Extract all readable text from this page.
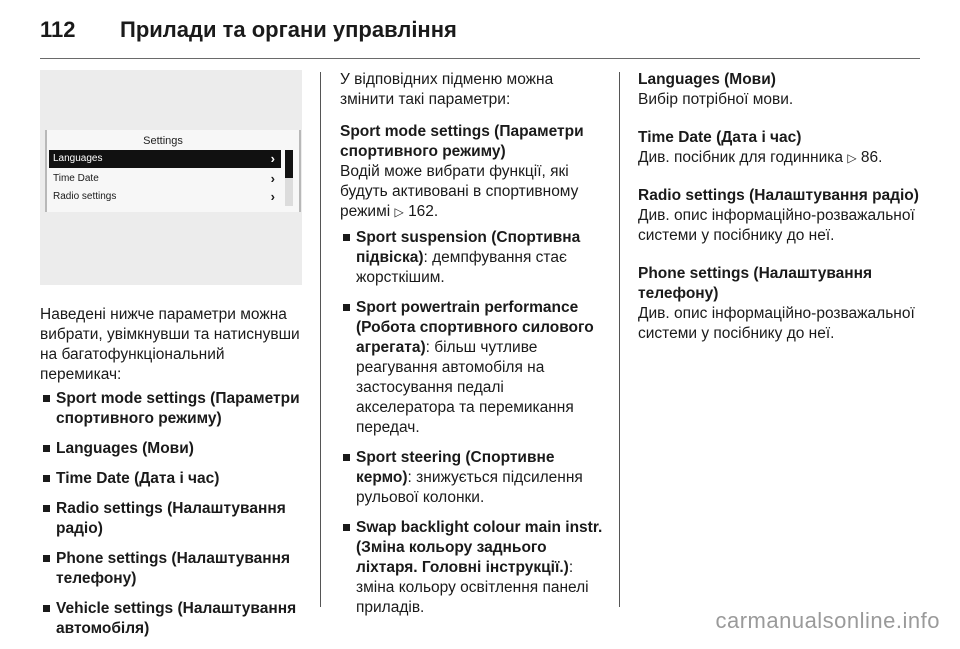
112	Прилади та органи управління
Settings
Languages	›
Time Date	›
Radio settings	›

Наведені нижче параметри можна вибрати, увімкнувши та натиснувши на багатофункціональний перемикач:

Sport mode settings (Параметри спортивного режиму)
Languages (Мови)
Time Date (Дата і час)
Radio settings (Налаштування радіо)
Phone settings (Налаштування телефону)
Vehicle settings (Налаштування автомобіля)

У відповідних підменю можна змінити такі параметри:

Sport mode settings (Параметри спортивного режиму)

Водій може вибрати функції, які будуть активовані в спортивному режимі ▷ 162.

Sport suspension (Спортивна підвіска): демпфування стає жорсткішим.
Sport powertrain performance (Робота спортивного силового агрегата): більш чутливе реагування автомобіля на застосування педалі акселератора та перемикання передач.
Sport steering (Спортивне кермо): знижується підсилення рульової колонки.
Swap backlight colour main instr. (Зміна кольору заднього ліхтаря. Головні інструкції.): зміна кольору освітлення панелі приладів.

Languages (Мови)

Вибір потрібної мови.

Time Date (Дата і час)

Див. посібник для годинника ▷ 86.

Radio settings (Налаштування радіо)

Див. опис інформаційно-розважальної системи у посібнику до неї.

Phone settings (Налаштування телефону)

Див. опис інформаційно-розважальної системи у посібнику до неї.

carmanualsonline.info
